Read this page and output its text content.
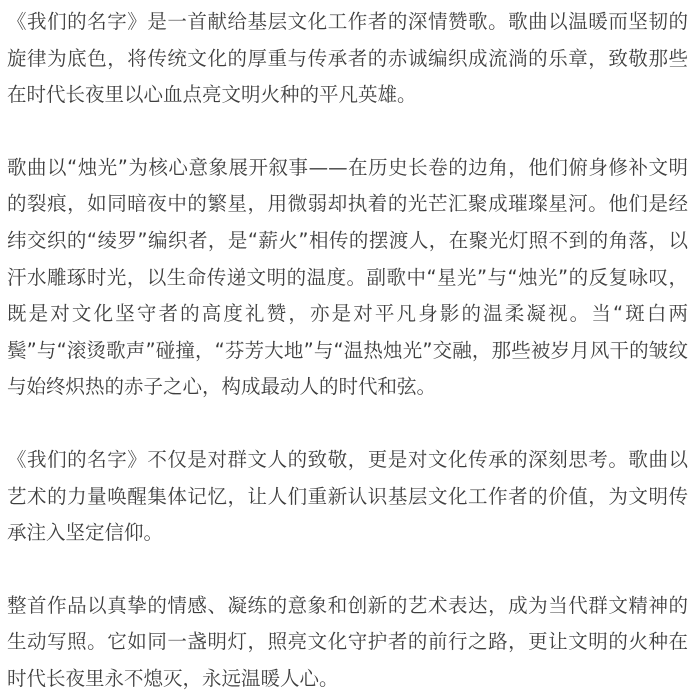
《我们的名字》是一首献给基层文化工作者的深情赞歌。歌曲以温暖而坚韧的旋律为底色，将传统文化的厚重与传承者的赤诚编织成流淌的乐章，致敬那些在时代长夜里以心血点亮文明火种的平凡英雄。

歌曲以“烛光”为核心意象展开叙事——在历史长卷的边角，他们俯身修补文明的裂痕，如同暗夜中的繁星，用微弱却执着的光芒汇聚成璀璨星河。他们是经纬交织的“绫罗”编织者，是“薪火”相传的摆渡人，在聚光灯照不到的角落，以汗水雕琢时光，以生命传递文明的温度。副歌中“星光”与“烛光”的反复咏叹，既是对文化坚守者的高度礼赞，亦是对平凡身影的温柔凝视。当“斑白两鬓”与“滚烫歌声”碰撞，“芬芳大地”与“温热烛光”交融，那些被岁月风干的皱纹与始终炽热的赤子之心，构成最动人的时代和弦。

《我们的名字》不仅是对群文人的致敬，更是对文化传承的深刻思考。歌曲以艺术的力量唤醒集体记忆，让人们重新认识基层文化工作者的价值，为文明传承注入坚定信仰。

整首作品以真挚的情感、凝练的意象和创新的艺术表达，成为当代群文精神的生动写照。它如同一盏明灯，照亮文化守护者的前行之路，更让文明的火种在时代长夜里永不熄灭，永远温暖人心。
